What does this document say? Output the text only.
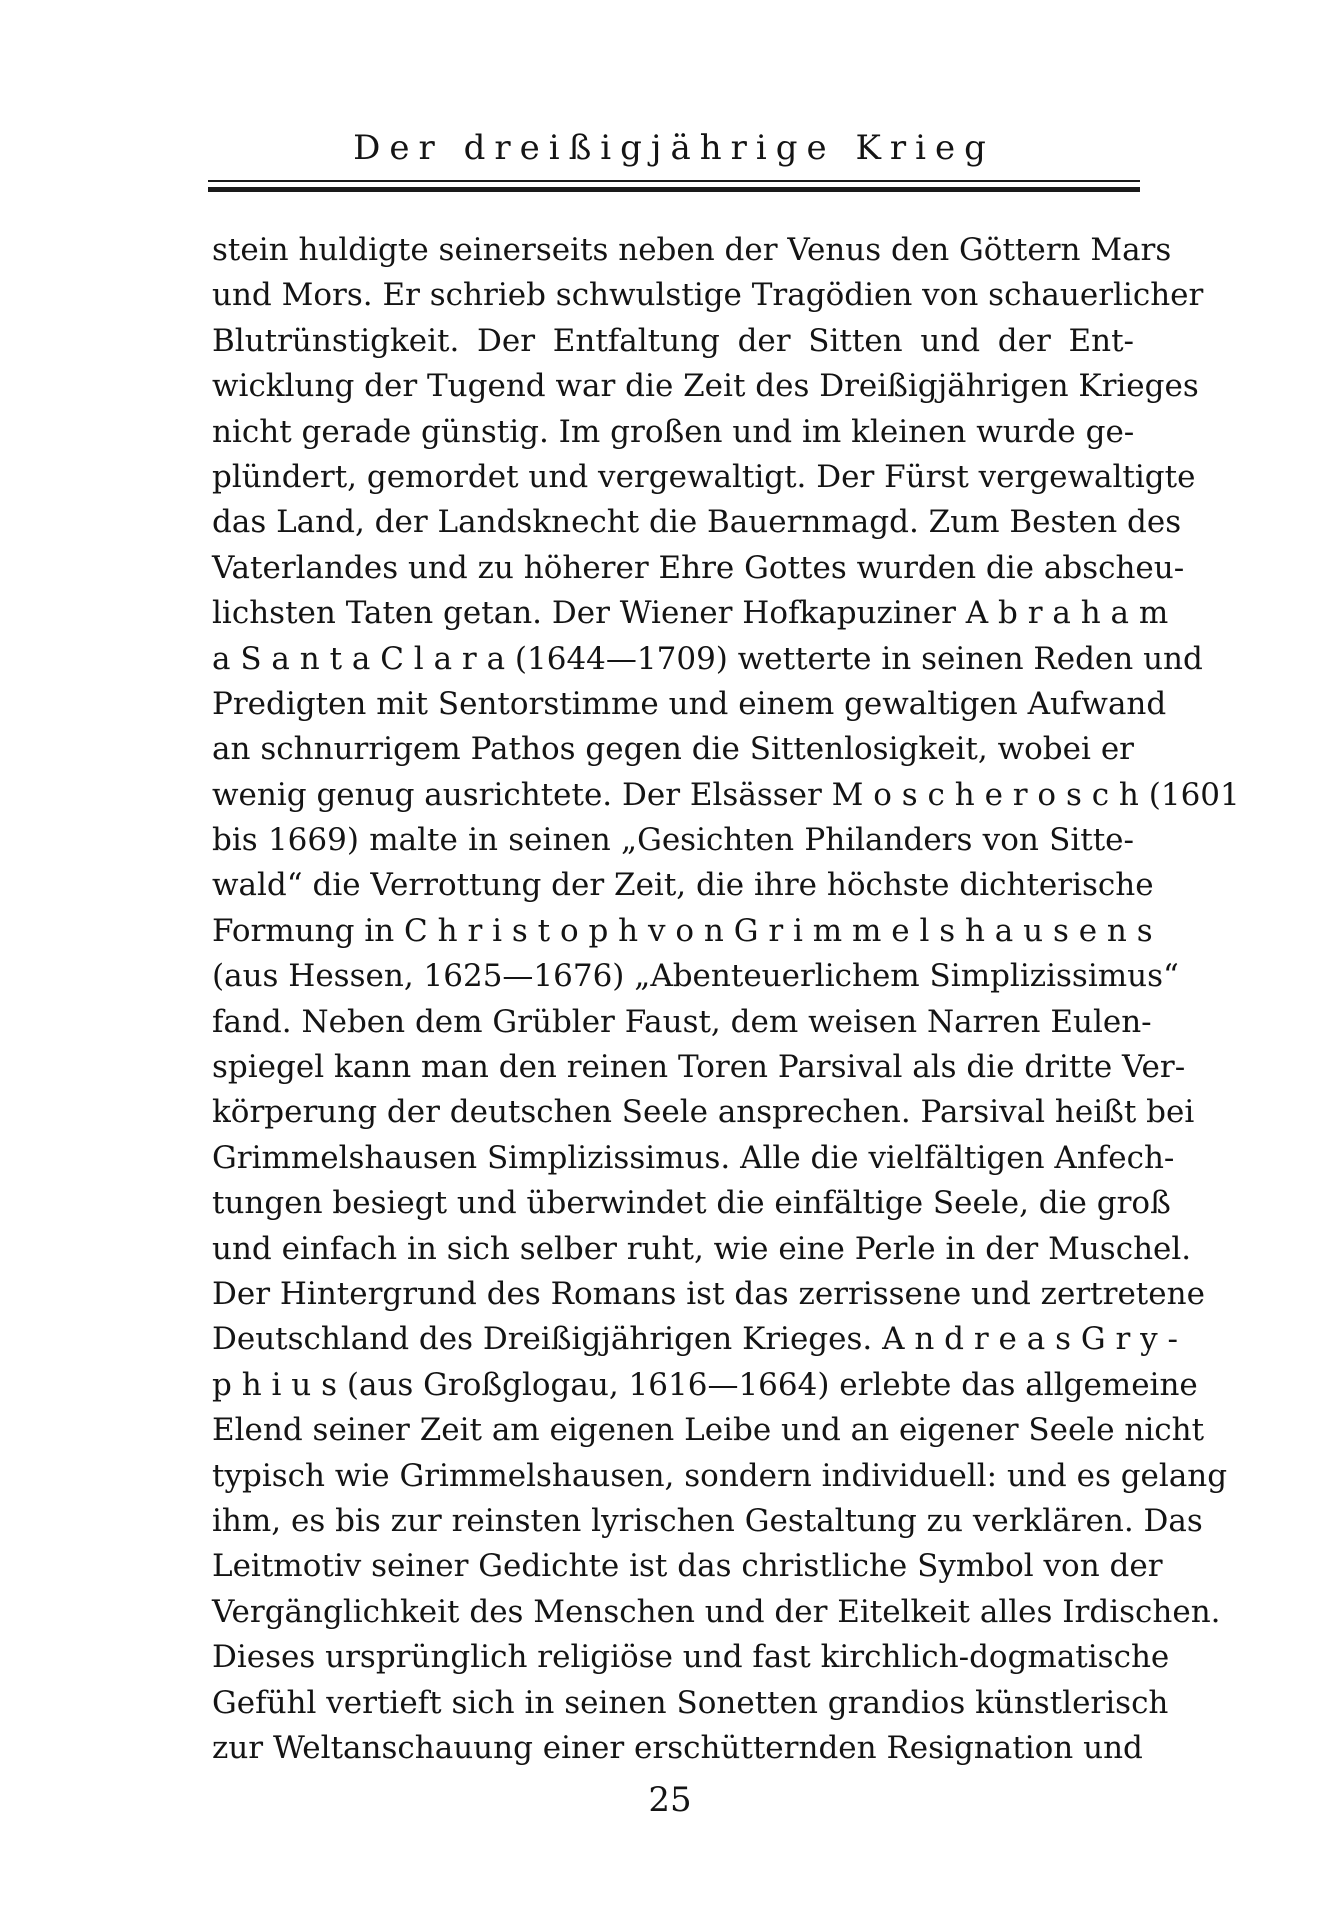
Der dreißigjährige Krieg
stein huldigte seinerseits neben der Venus den Göttern Mars
und Mors. Er schrieb schwulstige Tragödien von schauerlicher
Blutrünstigkeit. Der Entfaltung der Sitten und der Ent-
wicklung der Tugend war die Zeit des Dreißigjährigen Krieges
nicht gerade günstig. Im großen und im kleinen wurde ge-
plündert, gemordet und vergewaltigt. Der Fürst vergewaltigte
das Land, der Landsknecht die Bauernmagd. Zum Besten des
Vaterlandes und zu höherer Ehre Gottes wurden die abscheu-
lichsten Taten getan. Der Wiener Hofkapuziner A b r a h a m
a S a n t a C l a r a (1644—1709) wetterte in seinen Reden und
Predigten mit Sentorstimme und einem gewaltigen Aufwand
an schnurrigem Pathos gegen die Sittenlosigkeit, wobei er
wenig genug ausrichtete. Der Elsässer M o s c h e r o s c h (1601
bis 1669) malte in seinen „Gesichten Philanders von Sitte-
wald“ die Verrottung der Zeit, die ihre höchste dichterische
Formung in C h r i s t o p h v o n G r i m m e l s h a u s e n s
(aus Hessen, 1625—1676) „Abenteuerlichem Simplizissimus“
fand. Neben dem Grübler Faust, dem weisen Narren Eulen-
spiegel kann man den reinen Toren Parsival als die dritte Ver-
körperung der deutschen Seele ansprechen. Parsival heißt bei
Grimmelshausen Simplizissimus. Alle die vielfältigen Anfech-
tungen besiegt und überwindet die einfältige Seele, die groß
und einfach in sich selber ruht, wie eine Perle in der Muschel.
Der Hintergrund des Romans ist das zerrissene und zertretene
Deutschland des Dreißigjährigen Krieges. A n d r e a s G r y -
p h i u s (aus Großglogau, 1616—1664) erlebte das allgemeine
Elend seiner Zeit am eigenen Leibe und an eigener Seele nicht
typisch wie Grimmelshausen, sondern individuell: und es gelang
ihm, es bis zur reinsten lyrischen Gestaltung zu verklären. Das
Leitmotiv seiner Gedichte ist das christliche Symbol von der
Vergänglichkeit des Menschen und der Eitelkeit alles Irdischen.
Dieses ursprünglich religiöse und fast kirchlich-dogmatische
Gefühl vertieft sich in seinen Sonetten grandios künstlerisch
zur Weltanschauung einer erschütternden Resignation und
25
